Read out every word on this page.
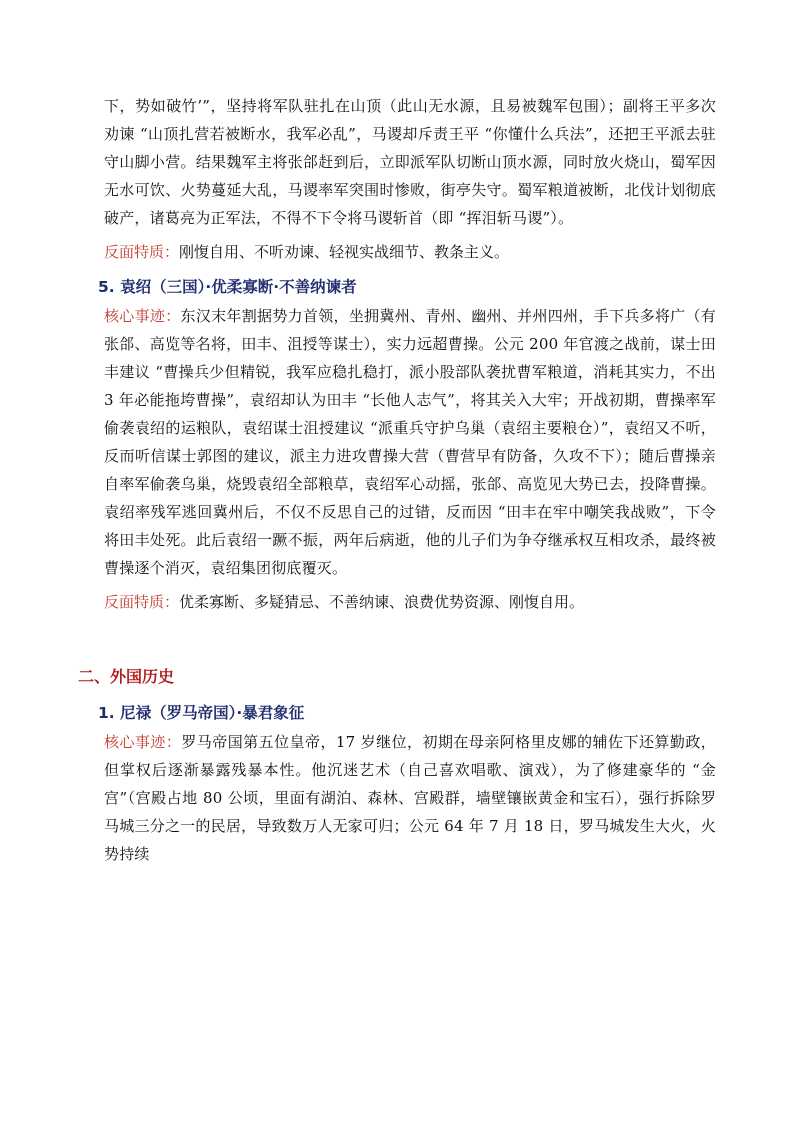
下，势如破竹’”，坚持将军队驻扎在山顶（此山无水源，且易被魏军包围）；副将王平多次劝谏 “山顶扎营若被断水，我军必乱”，马谡却斥责王平 “你懂什么兵法”，还把王平派去驻守山脚小营。结果魏军主将张郃赶到后，立即派军队切断山顶水源，同时放火烧山，蜀军因无水可饮、火势蔓延大乱，马谡率军突围时惨败，街亭失守。蜀军粮道被断，北伐计划彻底破产，诸葛亮为正军法，不得不下令将马谡斩首（即 “挥泪斩马谡”）。

反面特质：刚愎自用、不听劝谏、轻视实战细节、教条主义。

5. 袁绍（三国）·优柔寡断·不善纳谏者

核心事迹：东汉末年割据势力首领，坐拥冀州、青州、幽州、并州四州，手下兵多将广（有张郃、高览等名将，田丰、沮授等谋士），实力远超曹操。公元 200 年官渡之战前，谋士田丰建议 “曹操兵少但精锐，我军应稳扎稳打，派小股部队袭扰曹军粮道，消耗其实力，不出 3 年必能拖垮曹操”，袁绍却认为田丰 “长他人志气”，将其关入大牢；开战初期，曹操率军偷袭袁绍的运粮队，袁绍谋士沮授建议 “派重兵守护乌巢（袁绍主要粮仓）”，袁绍又不听，反而听信谋士郭图的建议，派主力进攻曹操大营（曹营早有防备，久攻不下）；随后曹操亲自率军偷袭乌巢，烧毁袁绍全部粮草，袁绍军心动摇，张郃、高览见大势已去，投降曹操。袁绍率残军逃回冀州后，不仅不反思自己的过错，反而因 “田丰在牢中嘲笑我战败”，下令将田丰处死。此后袁绍一蹶不振，两年后病逝，他的儿子们为争夺继承权互相攻杀，最终被曹操逐个消灭，袁绍集团彻底覆灭。

反面特质：优柔寡断、多疑猜忌、不善纳谏、浪费优势资源、刚愎自用。

二、外国历史
1. 尼禄（罗马帝国）·暴君象征

核心事迹：罗马帝国第五位皇帝，17 岁继位，初期在母亲阿格里皮娜的辅佐下还算勤政，但掌权后逐渐暴露残暴本性。他沉迷艺术（自己喜欢唱歌、演戏），为了修建豪华的 “金宫”（宫殿占地 80 公顷，里面有湖泊、森林、宫殿群，墙壁镶嵌黄金和宝石），强行拆除罗马城三分之一的民居，导致数万人无家可归；公元 64 年 7 月 18 日，罗马城发生大火，火势持续
